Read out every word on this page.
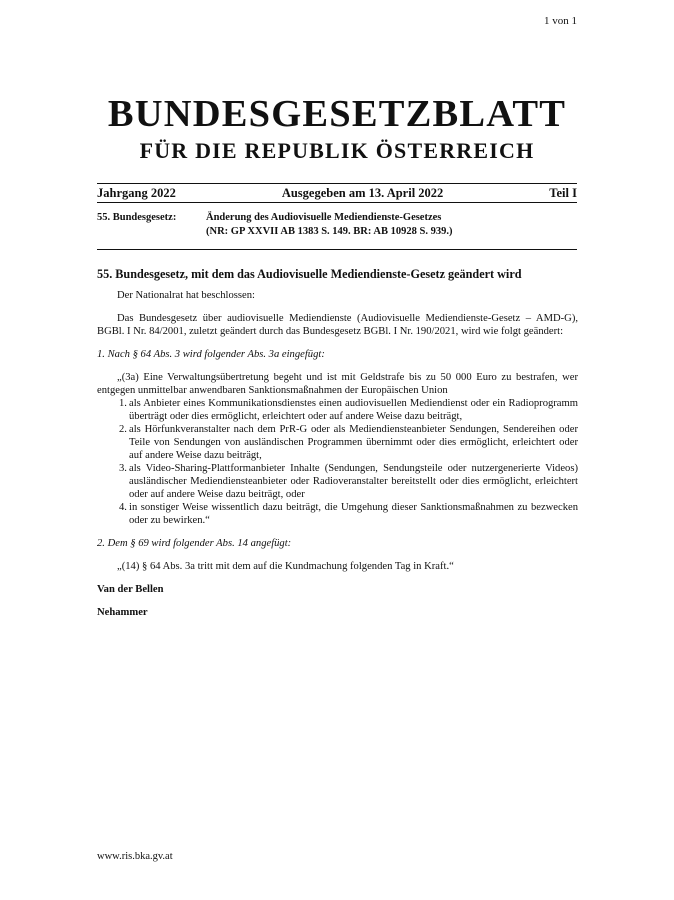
1 von 1
BUNDESGESETZBLATT
FÜR DIE REPUBLIK ÖSTERREICH
Jahrgang 2022	Ausgegeben am 13. April 2022	Teil I
55. Bundesgesetz:	Änderung des Audiovisuelle Mediendienste-Gesetzes
(NR: GP XXVII AB 1383 S. 149. BR: AB 10928 S. 939.)

55. Bundesgesetz, mit dem das Audiovisuelle Mediendienste-Gesetz geändert wird

Der Nationalrat hat beschlossen:

Das Bundesgesetz über audiovisuelle Mediendienste (Audiovisuelle Mediendienste-Gesetz – AMD-G), BGBl. I Nr. 84/2001, zuletzt geändert durch das Bundesgesetz BGBl. I Nr. 190/2021, wird wie folgt geändert:

1. Nach § 64 Abs. 3 wird folgender Abs. 3a eingefügt:

„(3a) Eine Verwaltungsübertretung begeht und ist mit Geldstrafe bis zu 50 000 Euro zu bestrafen, wer entgegen unmittelbar anwendbaren Sanktionsmaßnahmen der Europäischen Union

1. als Anbieter eines Kommunikationsdienstes einen audiovisuellen Mediendienst oder ein Radioprogramm überträgt oder dies ermöglicht, erleichtert oder auf andere Weise dazu beiträgt,
2. als Hörfunkveranstalter nach dem PrR-G oder als Mediendiensteanbieter Sendungen, Sendereihen oder Teile von Sendungen von ausländischen Programmen übernimmt oder dies ermöglicht, erleichtert oder auf andere Weise dazu beiträgt,
3. als Video-Sharing-Plattformanbieter Inhalte (Sendungen, Sendungsteile oder nutzergenerierte Videos) ausländischer Mediendiensteanbieter oder Radioveranstalter bereitstellt oder dies ermöglicht, erleichtert oder auf andere Weise dazu beiträgt, oder
4. in sonstiger Weise wissentlich dazu beiträgt, die Umgehung dieser Sanktionsmaßnahmen zu bezwecken oder zu bewirken.“

2. Dem § 69 wird folgender Abs. 14 angefügt:

„(14) § 64 Abs. 3a tritt mit dem auf die Kundmachung folgenden Tag in Kraft.“

Van der Bellen

Nehammer

www.ris.bka.gv.at
